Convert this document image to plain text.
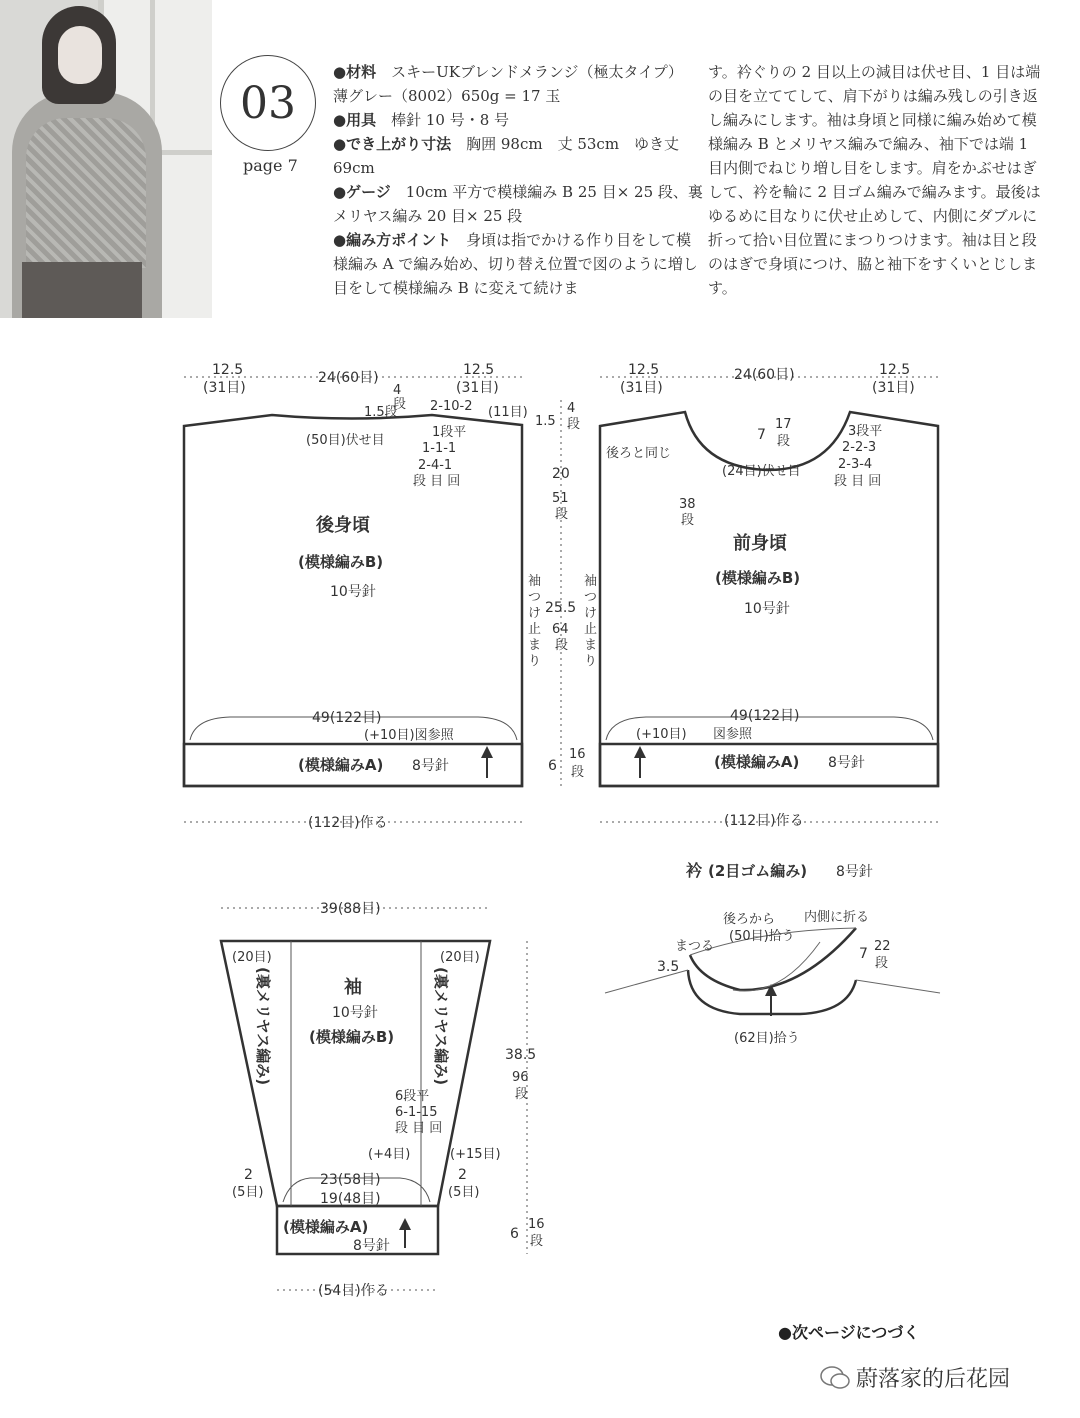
03
page 7
●材料　スキーUKブレンドメランジ（極太タイプ）
薄グレー（8002）650g = 17 玉
●用具　棒針 10 号・8 号
●でき上がり寸法　胸囲 98cm　丈 53cm　ゆき丈 69cm
●ゲージ　10cm 平方で模様編み B 25 目× 25 段、裏メリヤス編み 20 目× 25 段
●編み方ポイント　身頃は指でかける作り目をして模様編み A で編み始め、切り替え位置で図のように増し目をして模様編み B に変えて続けま
す。衿ぐりの 2 目以上の減目は伏せ目、1 目は端の目を立ててして、肩下がりは編み残しの引き返し編みにします。袖は身頃と同様に編み始めて模様編み B とメリヤス編みで編み、袖下では端 1 目内側でねじり増し目をします。肩をかぶせはぎして、衿を輪に 2 目ゴム編みで編みます。最後はゆるめに目なりに伏せ止めして、内側にダブルに折って拾い目位置にまつりつけます。袖は目と段のはぎで身頃につけ、脇と袖下をすくいとじします。
12.5
(31目)
24(60目)	12.5
(31目)
4
段
1.5段 2-10-2 (11目)
(50目)伏せ目
1段平
1-1-1
2-4-1
段 目 回
後身頃
(模様編みB)
10号針
49(122目)
(+10目)図参照
(模様編みA) 8号針
(112目)作る
袖
つ
け
止
ま
り
1.5
4
段
20
51
段
25.5
64
段
6
16
段
袖
つ
け
止
ま
り
12.5
(31目)
24(60目)	12.5
(31目)
後ろと同じ
7
17
段
(24目)伏せ目
3段平
2-2-3
2-3-4
段 目 回
38
段
前身頃
(模様編みB)
10号針
49(122目)
(+10目) 図参照
(模様編みA) 8号針
(112目)作る
衿 (2目ゴム編み) 8号針
後ろから
(50目)拾う
内側に折る
まつる
3.5
7 22
段
(62目)拾う
39(88目)
(20目)	(20目)
(裏メリヤス編み)	(裏メリヤス編み)
袖
10号針
(模様編みB)
38.5
96
段
6段平
6-1-15
段 目 回
(+4目)	(+15目)
23(58目)
19(48目)
2
(5目)
2
(5目)
(模様編みA)
8号針
6
16
段
(54目)作る
●次ページにつづく
蔚落家的后花园
